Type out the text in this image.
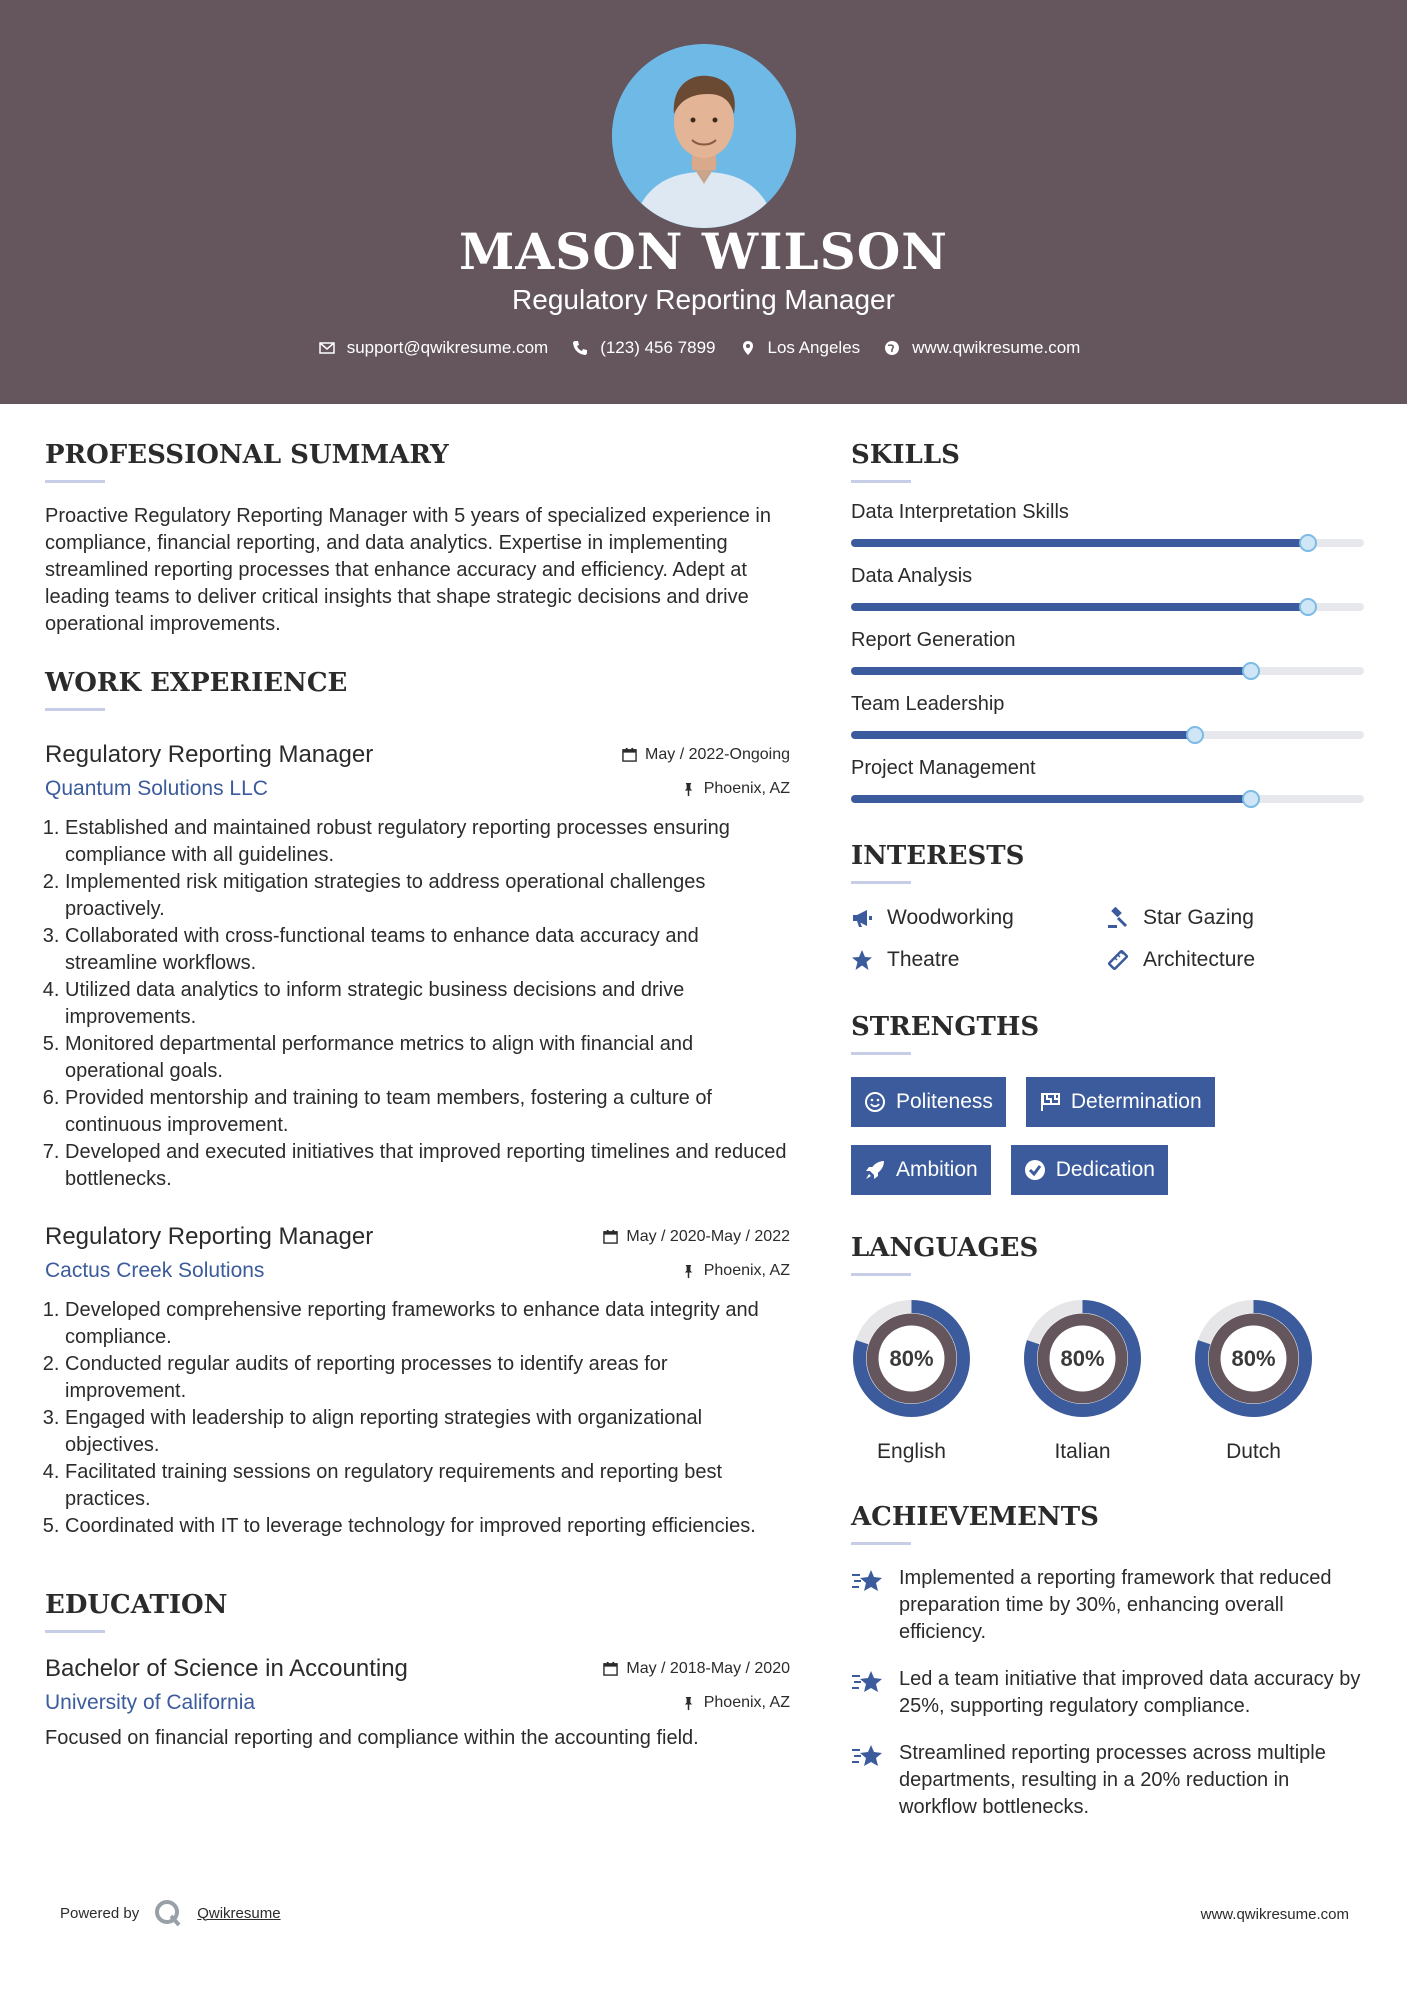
MASON WILSON
Regulatory Reporting Manager
support@qwikresume.com	(123) 456 7899	Los Angeles	www.qwikresume.com
PROFESSIONAL SUMMARY

Proactive Regulatory Reporting Manager with 5 years of specialized experience in compliance, financial reporting, and data analytics. Expertise in implementing streamlined reporting processes that enhance accuracy and efficiency. Adept at leading teams to deliver critical insights that shape strategic decisions and drive operational improvements.

WORK EXPERIENCE
Regulatory Reporting Manager	May / 2022-Ongoing
Quantum Solutions LLC	Phoenix, AZ
1. Established and maintained robust regulatory reporting processes ensuring compliance with all guidelines.
2. Implemented risk mitigation strategies to address operational challenges proactively.
3. Collaborated with cross-functional teams to enhance data accuracy and streamline workflows.
4. Utilized data analytics to inform strategic business decisions and drive improvements.
5. Monitored departmental performance metrics to align with financial and operational goals.
6. Provided mentorship and training to team members, fostering a culture of continuous improvement.
7. Developed and executed initiatives that improved reporting timelines and reduced bottlenecks.
Regulatory Reporting Manager	May / 2020-May / 2022
Cactus Creek Solutions	Phoenix, AZ
1. Developed comprehensive reporting frameworks to enhance data integrity and compliance.
2. Conducted regular audits of reporting processes to identify areas for improvement.
3. Engaged with leadership to align reporting strategies with organizational objectives.
4. Facilitated training sessions on regulatory requirements and reporting best practices.
5. Coordinated with IT to leverage technology for improved reporting efficiencies.
EDUCATION
Bachelor of Science in Accounting	May / 2018-May / 2020
University of California	Phoenix, AZ

Focused on financial reporting and compliance within the accounting field.

SKILLS
Data Interpretation Skills
Data Analysis
Report Generation
Team Leadership
Project Management
INTERESTS
Woodworking	Star Gazing
Theatre	Architecture
STRENGTHS
Politeness	Determination
Ambition	Dedication
LANGUAGES
80%
English
80%
Italian
80%
Dutch
ACHIEVEMENTS
Implemented a reporting framework that reduced preparation time by 30%, enhancing overall efficiency.
Led a team initiative that improved data accuracy by 25%, supporting regulatory compliance.
Streamlined reporting processes across multiple departments, resulting in a 20% reduction in workflow bottlenecks.
Powered by	Qwikresume	www.qwikresume.com
